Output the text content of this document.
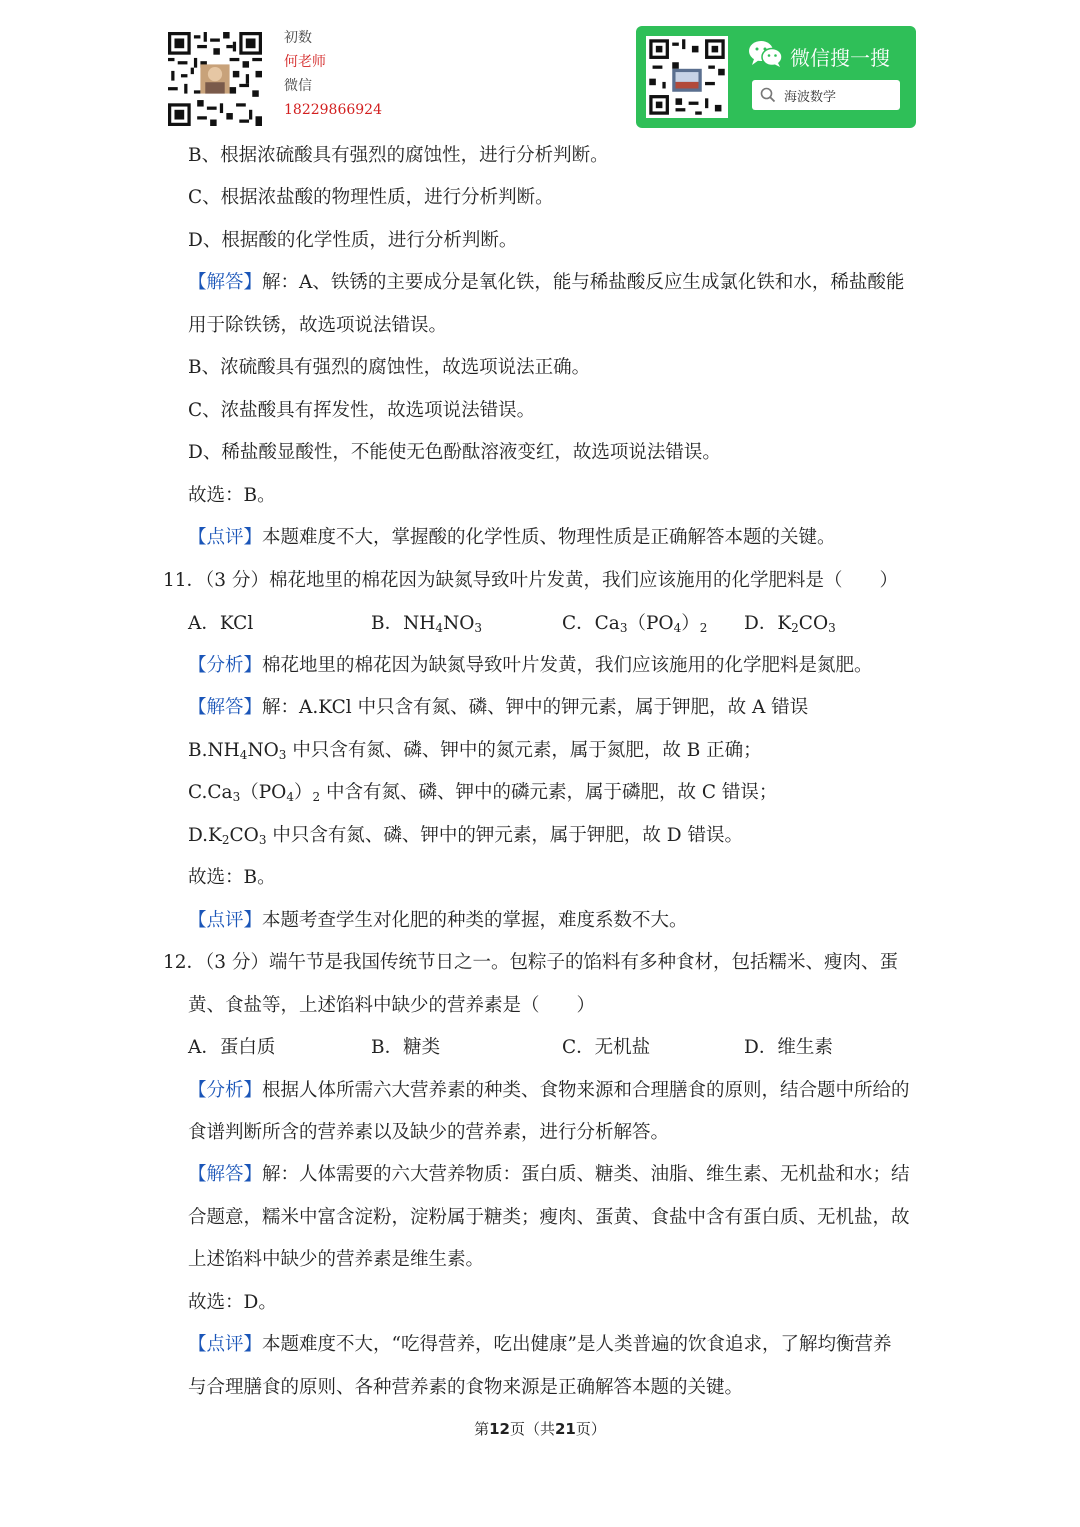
初数
何老师
微信
18229866924
微信搜一搜
海波数学
B、根据浓硫酸具有强烈的腐蚀性，进行分析判断。
C、根据浓盐酸的物理性质，进行分析判断。
D、根据酸的化学性质，进行分析判断。
【解答】解：A、铁锈的主要成分是氧化铁，能与稀盐酸反应生成氯化铁和水，稀盐酸能
用于除铁锈，故选项说法错误。
B、浓硫酸具有强烈的腐蚀性，故选项说法正确。
C、浓盐酸具有挥发性，故选项说法错误。
D、稀盐酸显酸性，不能使无色酚酞溶液变红，故选项说法错误。
故选：B。
【点评】本题难度不大，掌握酸的化学性质、物理性质是正确解答本题的关键。
11．（3 分）棉花地里的棉花因为缺氮导致叶片发黄，我们应该施用的化学肥料是（　　）
A．KCl	B．$NH_4NO_3$	C．$Ca_3(PO_4)_2$ D．$K_2CO_3$
【分析】棉花地里的棉花因为缺氮导致叶片发黄，我们应该施用的化学肥料是氮肥。
【解答】解：A.KCl 中只含有氮、磷、钾中的钾元素，属于钾肥，故 A 错误
$B.NH_4NO_3$ 中只含有氮、磷、钾中的氮元素，属于氮肥，故 B 正确；
$C.Ca_3(PO_4)_2$ 中含有氮、磷、钾中的磷元素，属于磷肥，故 C 错误；
$D.K_2CO_3$ 中只含有氮、磷、钾中的钾元素，属于钾肥，故 D 错误。
故选：B。
【点评】本题考查学生对化肥的种类的掌握，难度系数不大。
12．（3 分）端午节是我国传统节日之一。包粽子的馅料有多种食材，包括糯米、瘦肉、蛋
黄、食盐等，上述馅料中缺少的营养素是（　　）
A．蛋白质	B．糖类	C．无机盐	D．维生素
【分析】根据人体所需六大营养素的种类、食物来源和合理膳食的原则，结合题中所给的
食谱判断所含的营养素以及缺少的营养素，进行分析解答。
【解答】解：人体需要的六大营养物质：蛋白质、糖类、油脂、维生素、无机盐和水；结
合题意，糯米中富含淀粉，淀粉属于糖类；瘦肉、蛋黄、食盐中含有蛋白质、无机盐，故
上述馅料中缺少的营养素是维生素。
故选：D。
【点评】本题难度不大，“吃得营养，吃出健康”是人类普遍的饮食追求，了解均衡营养
与合理膳食的原则、各种营养素的食物来源是正确解答本题的关键。
第12页（共21页）
